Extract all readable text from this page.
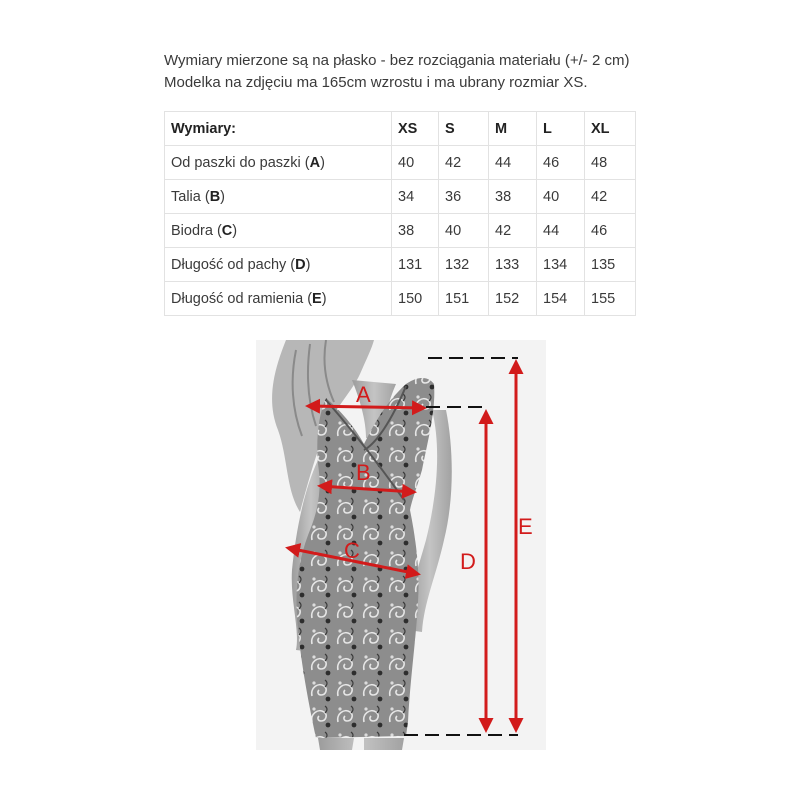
Wymiary mierzone są na płasko - bez rozciągania materiału (+/- 2 cm)

Modelka na zdjęciu ma 165cm wzrostu i ma ubrany rozmiar XS.

Wymiary:	XS	S	M	L	XL
Od paszki do paszki (A)	40	42	44	46	48
Talia (B)	34	36	38	40	42
Biodra (C)	38	40	42	44	46
Długość od pachy (D)	131	132	133	134	135
Długość od ramienia (E)	150	151	152	154	155
A
B
C	D
E
